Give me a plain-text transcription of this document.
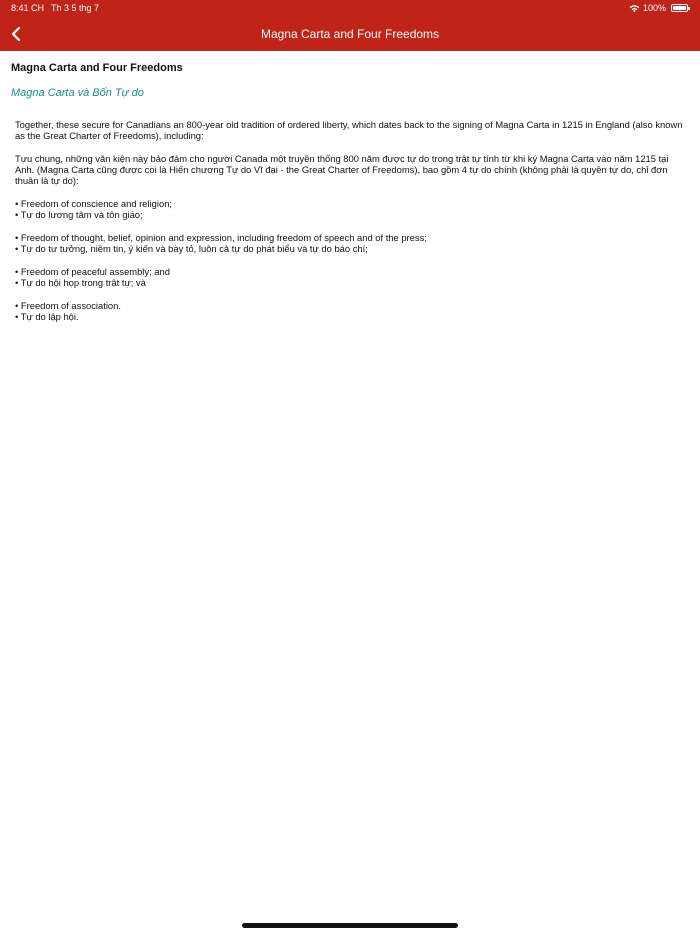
8:41 CH Th 3 5 thg 7	100%
Magna Carta and Four Freedoms
Magna Carta and Four Freedoms
Magna Carta và Bốn Tự do
Together, these secure for Canadians an 800-year old tradition of ordered liberty, which dates back to the signing of Magna Carta in 1215 in England (also known as the Great Charter of Freedoms), including:
Tựu chung, những văn kiện này bảo đảm cho người Canada một truyền thống 800 năm được tự do trong trật tự tính từ khi ký Magna Carta vào năm 1215 tại Anh. (Magna Carta cũng được coi là Hiến chương Tự do Vĩ đại - the Great Charter of Freedoms), bao gồm 4 tự do chính (không phải là quyền tự do, chỉ đơn thuần là tự do):
• Freedom of conscience and religion;
• Tự do lương tâm và tôn giáo;
• Freedom of thought, belief, opinion and expression, including freedom of speech and of the press;
• Tự do tư tưởng, niềm tin, ý kiến và bày tỏ, luôn cả tự do phát biểu và tự do báo chí;
• Freedom of peaceful assembly; and
• Tự do hội họp trong trật tự; và
• Freedom of association.
• Tự do lập hội.
